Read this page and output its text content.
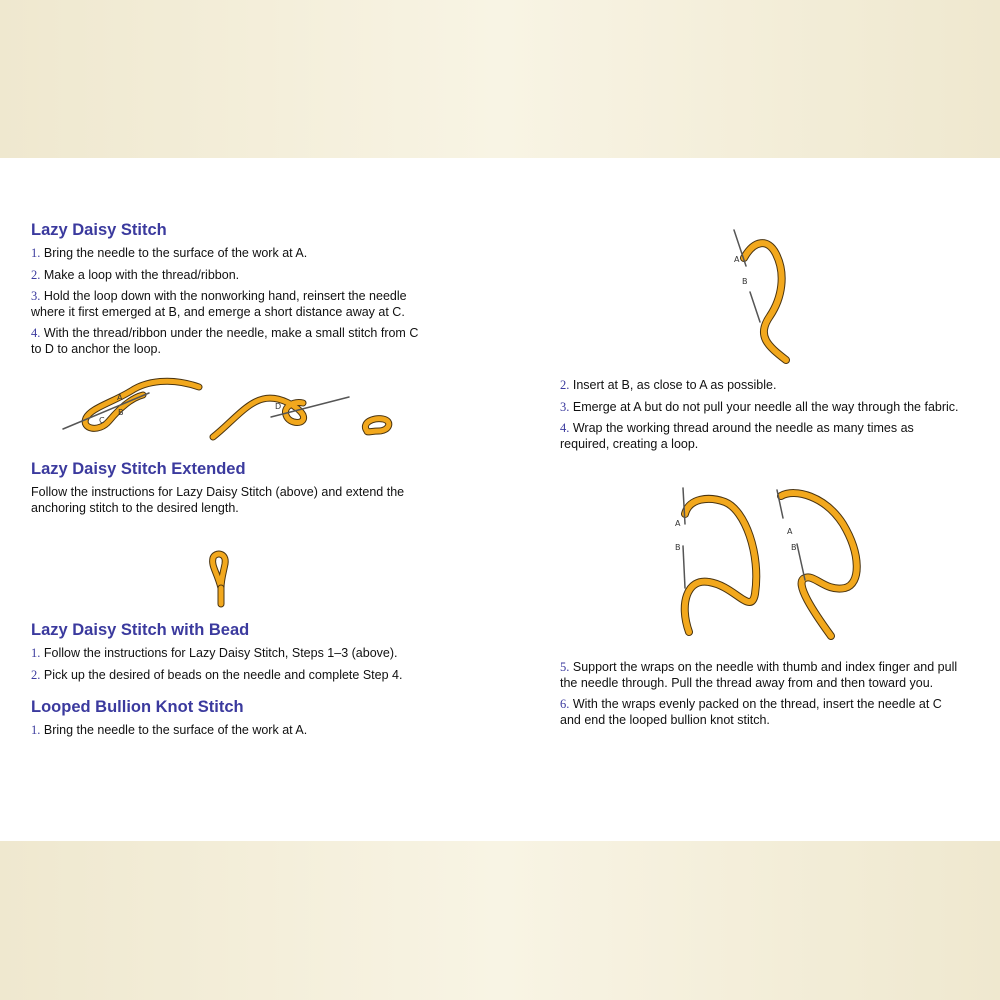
Lazy Daisy Stitch
1. Bring the needle to the surface of the work at A.
2. Make a loop with the thread/ribbon.
3. Hold the loop down with the nonworking hand, reinsert the needle where it first emerged at B, and emerge a short distance away at C.
4. With the thread/ribbon under the needle, make a small stitch from C to D to anchor the loop.
A
B
C
D
Lazy Daisy Stitch Extended

Follow the instructions for Lazy Daisy Stitch (above) and extend the anchoring stitch to the desired length.

Lazy Daisy Stitch with Bead
1. Follow the instructions for Lazy Daisy Stitch, Steps 1–3 (above).
2. Pick up the desired of beads on the needle and complete Step 4.
Looped Bullion Knot Stitch
1. Bring the needle to the surface of the work at A.
A
B
2. Insert at B, as close to A as possible.
3. Emerge at A but do not pull your needle all the way through the fabric.
4. Wrap the working thread around the needle as many times as required, creating a loop.
A
B
A
B
5. Support the wraps on the needle with thumb and index finger and pull the needle through. Pull the thread away from and then toward you.
6. With the wraps evenly packed on the thread, insert the needle at C and end the looped bullion knot stitch.
